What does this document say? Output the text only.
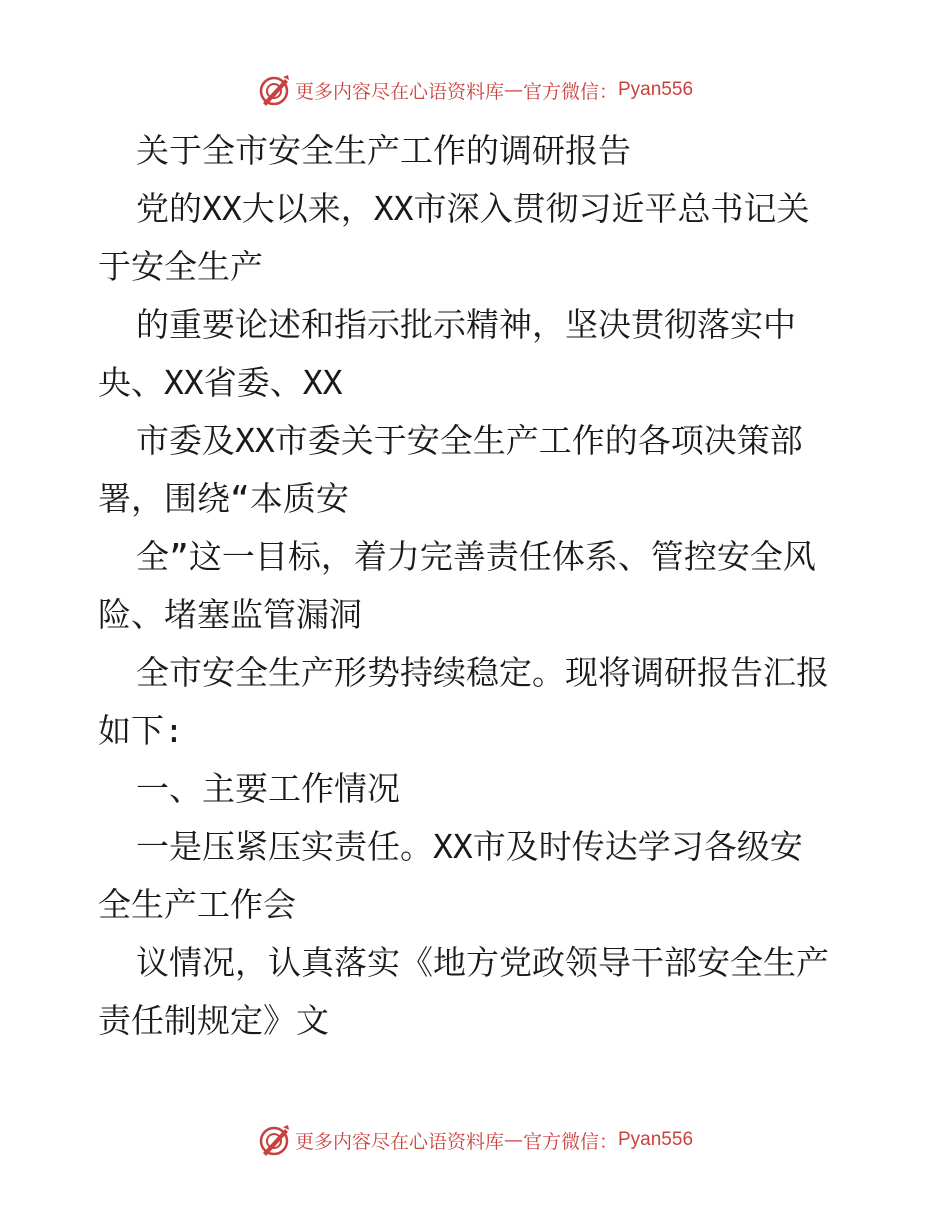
更多内容尽在心语资料库 — 官方微信： Pyan556

关于全市安全生产工作的调研报告

党的XX大以来，XX市深入贯彻习近平总书记关

于安全生产

的重要论述和指示批示精神，坚决贯彻落实中

央、XX省委、XX

市委及XX市委关于安全生产工作的各项决策部

署，围绕“本质安

全”这一目标，着力完善责任体系、管控安全风

险、堵塞监管漏洞

全市安全生产形势持续稳定。现将调研报告汇报

如下:

一、主要工作情况

一是压紧压实责任。XX市及时传达学习各级安

全生产工作会

议情况，认真落实《地方党政领导干部安全生产

责任制规定》文

更多内容尽在心语资料库 — 官方微信： Pyan556
